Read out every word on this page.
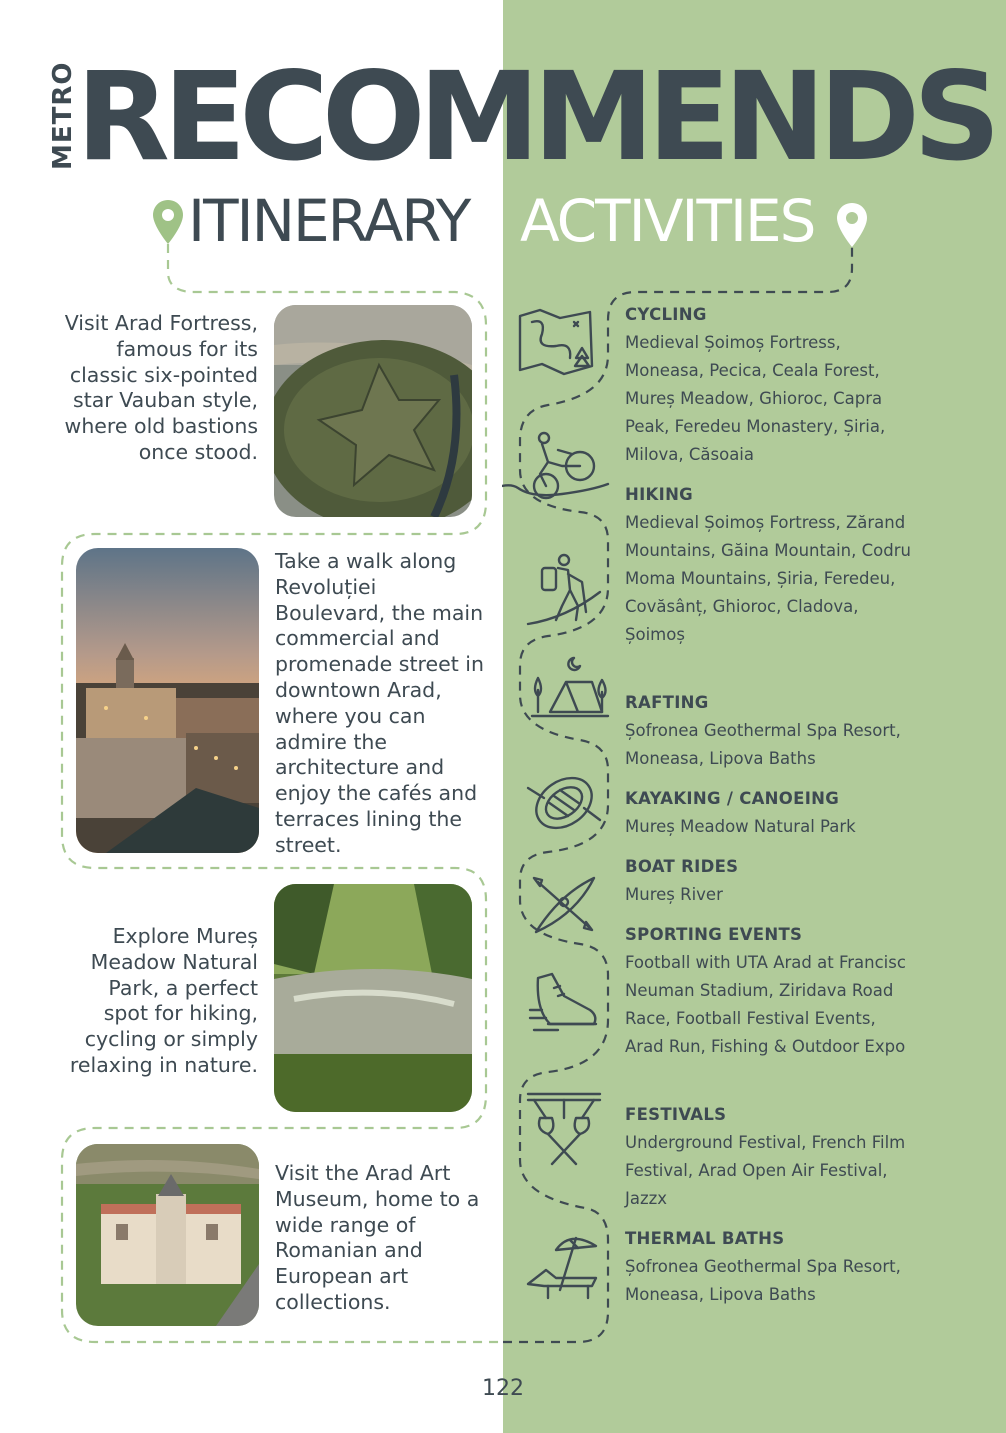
METRO
RECOMMENDS
ITINERARY ACTIVITIES
Visit Arad Fortress, famous for its classic six-pointed star Vauban style, where old bastions once stood.
Take a walk along Revoluției Boulevard, the main commercial and promenade street in downtown Arad, where you can admire the architecture and enjoy the cafés and terraces lining the street.
Explore Mureș Meadow Natural Park, a perfect spot for hiking, cycling or simply relaxing in nature.
Visit the Arad Art Museum, home to a wide range of Romanian and European art collections.
CYCLING
Medieval Șoimoș Fortress, Moneasa, Pecica, Ceala Forest, Mureș Meadow, Ghioroc, Capra Peak, Feredeu Monastery, Șiria, Milova, Căsoaia
HIKING
Medieval Șoimoș Fortress, Zărand Mountains, Găina Mountain, Codru Moma Mountains, Șiria, Feredeu, Covăsânț, Ghioroc, Cladova, Șoimoș
RAFTING
Șofronea Geothermal Spa Resort, Moneasa, Lipova Baths
KAYAKING / CANOEING
Mureș Meadow Natural Park
BOAT RIDES
Mureș River
SPORTING EVENTS
Football with UTA Arad at Francisc Neuman Stadium, Ziridava Road Race, Football Festival Events, Arad Run, Fishing & Outdoor Expo
FESTIVALS
Underground Festival, French Film Festival, Arad Open Air Festival, Jazzx
THERMAL BATHS
Șofronea Geothermal Spa Resort, Moneasa, Lipova Baths
122
